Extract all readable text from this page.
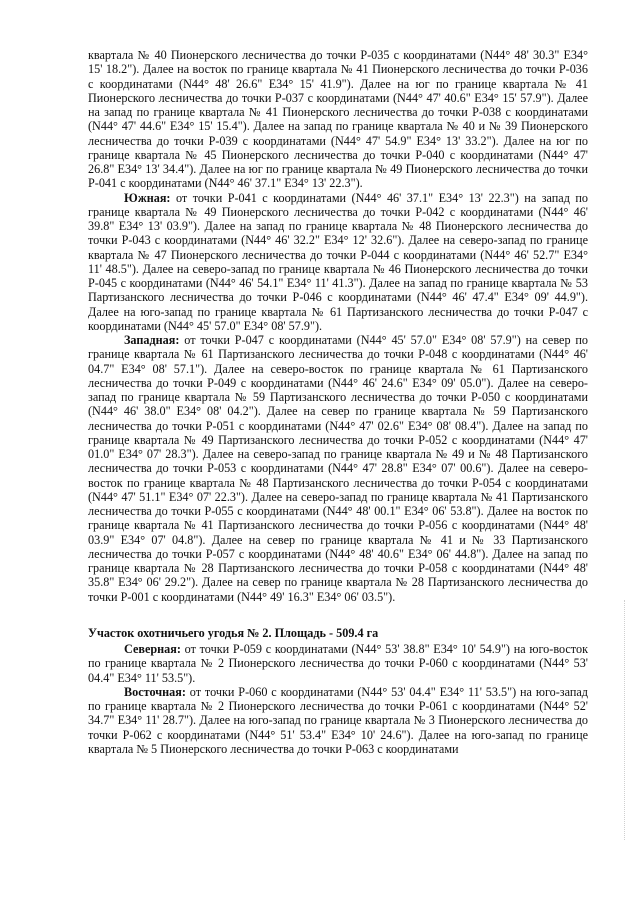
квартала № 40 Пионерского лесничества до точки Р-035 с координатами (N44° 48' 30.3" E34° 15' 18.2"). Далее на восток по границе квартала № 41 Пионерского лесничества до точки Р-036 с координатами (N44° 48' 26.6" E34° 15' 41.9"). Далее на юг по границе квартала № 41 Пионерского лесничества до точки Р-037 с координатами (N44° 47' 40.6" E34° 15' 57.9"). Далее на запад по границе квартала № 41 Пионерского лесничества до точки Р-038 с координатами (N44° 47' 44.6" E34° 15' 15.4"). Далее на запад по границе квартала № 40 и № 39 Пионерского лесничества до точки Р-039 с координатами (N44° 47' 54.9" E34° 13' 33.2"). Далее на юг по границе квартала № 45 Пионерского лесничества до точки Р-040 с координатами (N44° 47' 26.8" E34° 13' 34.4"). Далее на юг по границе квартала № 49 Пионерского лесничества до точки Р-041 с координатами (N44° 46' 37.1" E34° 13' 22.3").

Южная: от точки Р-041 с координатами (N44° 46' 37.1" E34° 13' 22.3") на запад по границе квартала № 49 Пионерского лесничества до точки Р-042 с координатами (N44° 46' 39.8" E34° 13' 03.9"). Далее на запад по границе квартала № 48 Пионерского лесничества до точки Р-043 с координатами (N44° 46' 32.2" E34° 12' 32.6"). Далее на северо-запад по границе квартала № 47 Пионерского лесничества до точки Р-044 с координатами (N44° 46' 52.7" E34° 11' 48.5"). Далее на северо-запад по границе квартала № 46 Пионерского лесничества до точки Р-045 с координатами (N44° 46' 54.1" E34° 11' 41.3"). Далее на запад по границе квартала № 53 Партизанского лесничества до точки Р-046 с координатами (N44° 46' 47.4" E34° 09' 44.9"). Далее на юго-запад по границе квартала № 61 Партизанского лесничества до точки Р-047 с координатами (N44° 45' 57.0" E34° 08' 57.9").

Западная: от точки Р-047 с координатами (N44° 45' 57.0" E34° 08' 57.9") на север по границе квартала № 61 Партизанского лесничества до точки Р-048 с координатами (N44° 46' 04.7" E34° 08' 57.1"). Далее на северо-восток по границе квартала № 61 Партизанского лесничества до точки Р-049 с координатами (N44° 46' 24.6" E34° 09' 05.0"). Далее на северо-запад по границе квартала № 59 Партизанского лесничества до точки Р-050 с координатами (N44° 46' 38.0" E34° 08' 04.2"). Далее на север по границе квартала № 59 Партизанского лесничества до точки Р-051 с координатами (N44° 47' 02.6" E34° 08' 08.4"). Далее на запад по границе квартала № 49 Партизанского лесничества до точки Р-052 с координатами (N44° 47' 01.0" E34° 07' 28.3"). Далее на северо-запад по границе квартала № 49 и № 48 Партизанского лесничества до точки Р-053 с координатами (N44° 47' 28.8" E34° 07' 00.6"). Далее на северо-восток по границе квартала № 48 Партизанского лесничества до точки Р-054 с координатами (N44° 47' 51.1" E34° 07' 22.3"). Далее на северо-запад по границе квартала № 41 Партизанского лесничества до точки Р-055 с координатами (N44° 48' 00.1" E34° 06' 53.8"). Далее на восток по границе квартала № 41 Партизанского лесничества до точки Р-056 с координатами (N44° 48' 03.9" E34° 07' 04.8"). Далее на север по границе квартала № 41 и № 33 Партизанского лесничества до точки Р-057 с координатами (N44° 48' 40.6" E34° 06' 44.8"). Далее на запад по границе квартала № 28 Партизанского лесничества до точки Р-058 с координатами (N44° 48' 35.8" E34° 06' 29.2"). Далее на север по границе квартала № 28 Партизанского лесничества до точки Р-001 с координатами (N44° 49' 16.3" E34° 06' 03.5").

Участок охотничьего угодья № 2. Площадь - 509.4 га

Северная: от точки Р-059 с координатами (N44° 53' 38.8" E34° 10' 54.9") на юго-восток по границе квартала № 2 Пионерского лесничества до точки Р-060 с координатами (N44° 53' 04.4" E34° 11' 53.5").

Восточная: от точки Р-060 с координатами (N44° 53' 04.4" E34° 11' 53.5") на юго-запад по границе квартала № 2 Пионерского лесничества до точки Р-061 с координатами (N44° 52' 34.7" E34° 11' 28.7"). Далее на юго-запад по границе квартала № 3 Пионерского лесничества до точки Р-062 с координатами (N44° 51' 53.4" E34° 10' 24.6"). Далее на юго-запад по границе квартала № 5 Пионерского лесничества до точки Р-063 с координатами
